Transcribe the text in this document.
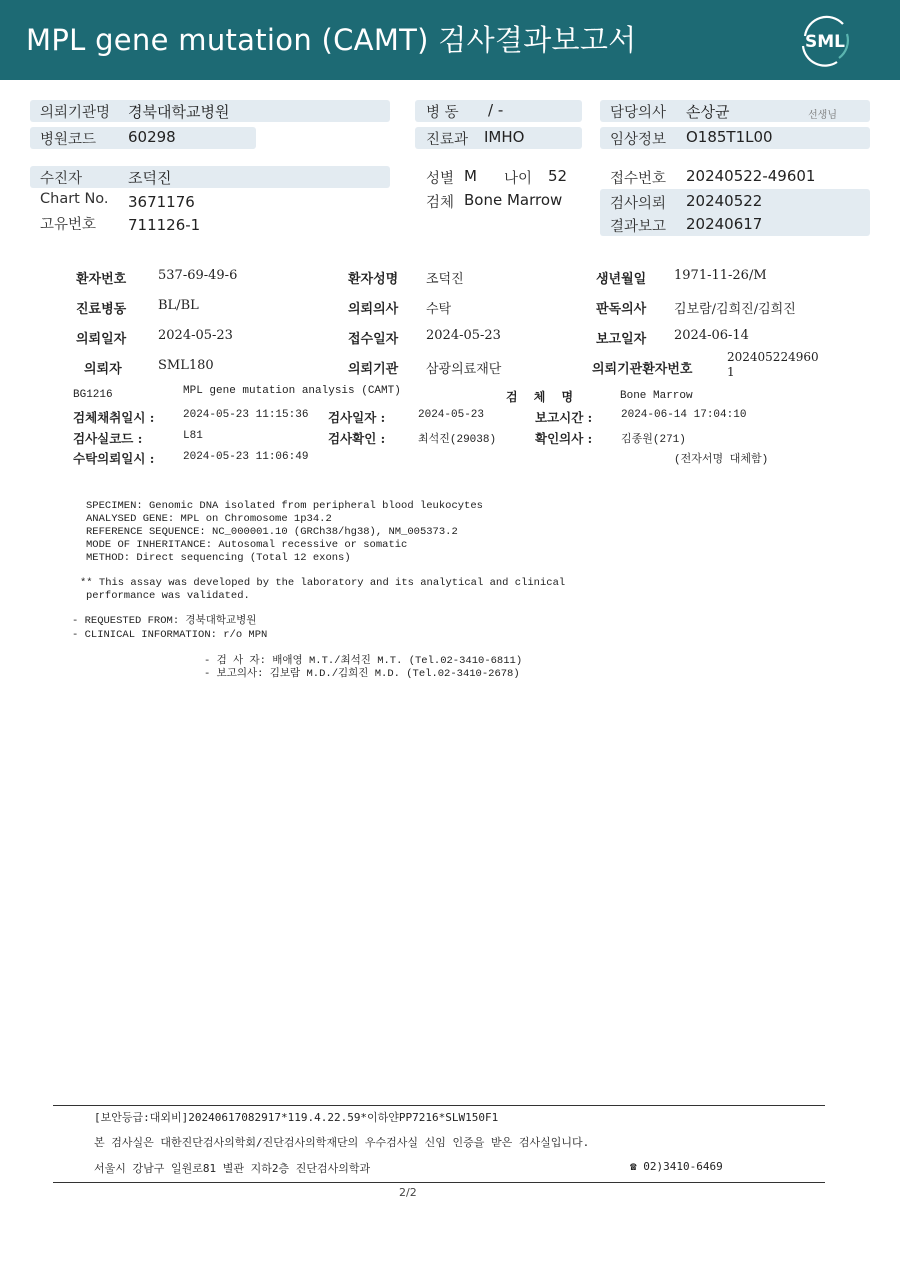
MPL gene mutation (CAMT) 검사결과보고서	SML
의뢰기관명 경북대학교병원
병원코드 60298
병 동 / -
진료과 IMHO
담당의사 손상균	선생님
임상정보 O185T1L00
수진자	조덕진
Chart No. 3671176
고유번호 711126-1
성별 M 나이 52
검체 Bone Marrow
접수번호 20240522-49601
검사의뢰 20240522
결과보고 20240617
환자번호 537-69-49-6	환자성명 조덕진	생년월일 1971-11-26/M
진료병동 BL/BL	의뢰의사 수탁	판독의사 김보람/김희진/김희진
의뢰일자 2024-05-23	접수일자 2024-05-23	보고일자 2024-06-14
의뢰자	SML180	의뢰기관 삼광의료재단	의뢰기관환자번호
202405224960
1
BG1216	MPL gene mutation analysis (CAMT)	검 체 명	Bone Marrow
검체채취일시 :	2024-05-23 11:15:36 검사일자 :	2024-05-23	보고시간 :	2024-06-14 17:04:10
검사실코드 :	L81	검사확인 :	최석진(29038)	확인의사 :	김종원(271)
수탁의뢰일시 :	2024-05-23 11:06:49	(전자서명 대체함)
SPECIMEN: Genomic DNA isolated from peripheral blood leukocytes
ANALYSED GENE: MPL on Chromosome 1p34.2
REFERENCE SEQUENCE: NC_000001.10 (GRCh38/hg38), NM_005373.2
MODE OF INHERITANCE: Autosomal recessive or somatic
METHOD: Direct sequencing (Total 12 exons)
** This assay was developed by the laboratory and its analytical and clinical
performance was validated.
- REQUESTED FROM: 경북대학교병원
- CLINICAL INFORMATION: r/o MPN
- 검 사 자: 배애영 M.T./최석진 M.T. (Tel.02-3410-6811)
- 보고의사: 김보람 M.D./김희진 M.D. (Tel.02-3410-2678)
[보안등급:대외비]20240617082917*119.4.22.59*이하얀PP7216*SLW150F1
본 검사실은 대한진단검사의학회/진단검사의학재단의 우수검사실 신임 인증을 받은 검사실입니다.
서울시 강남구 일원로81 별관 지하2층 진단검사의학과	☎ 02)3410-6469
2/2
